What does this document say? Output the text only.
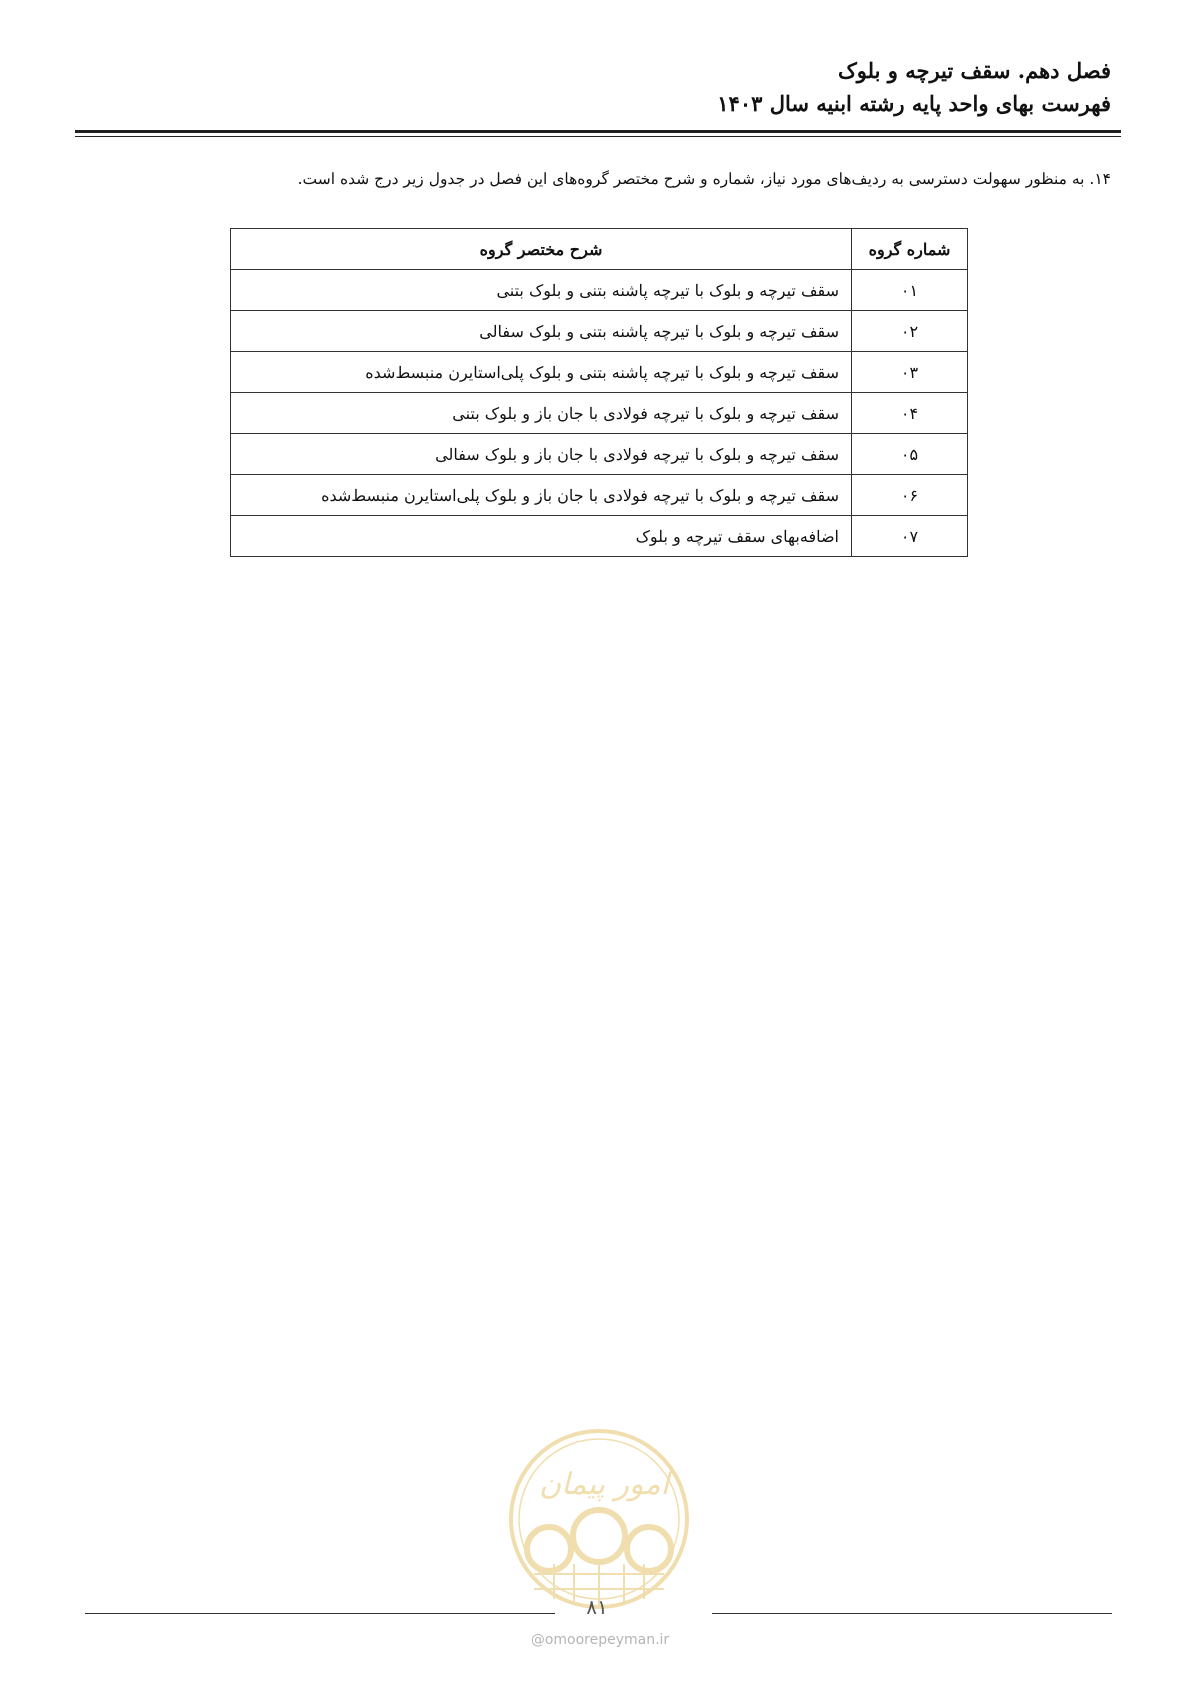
فصل دهم. سقف تیرچه و بلوک
فهرست بهای واحد پایه رشته ابنیه سال ۱۴۰۳
۱۴. به منظور سهولت دسترسی به ردیف‌های مورد نیاز، شماره و شرح مختصر گروه‌های این فصل در جدول زیر درج شده است.
شماره گروه	شرح مختصر گروه
۰۱	سقف تیرچه و بلوک با تیرچه پاشنه بتنی و بلوک بتنی
۰۲	سقف تیرچه و بلوک با تیرچه پاشنه بتنی و بلوک سفالی
۰۳	سقف تیرچه و بلوک با تیرچه پاشنه بتنی و بلوک پلی‌استایرن منبسط‌شده
۰۴	سقف تیرچه و بلوک با تیرچه فولادی با جان باز و بلوک بتنی
۰۵	سقف تیرچه و بلوک با تیرچه فولادی با جان باز و بلوک سفالی
۰۶	سقف تیرچه و بلوک با تیرچه فولادی با جان باز و بلوک پلی‌استایرن منبسط‌شده
۰۷	اضافه‌بهای سقف تیرچه و بلوک
امور پیمان
۸۱
@omoorepeyman.ir
